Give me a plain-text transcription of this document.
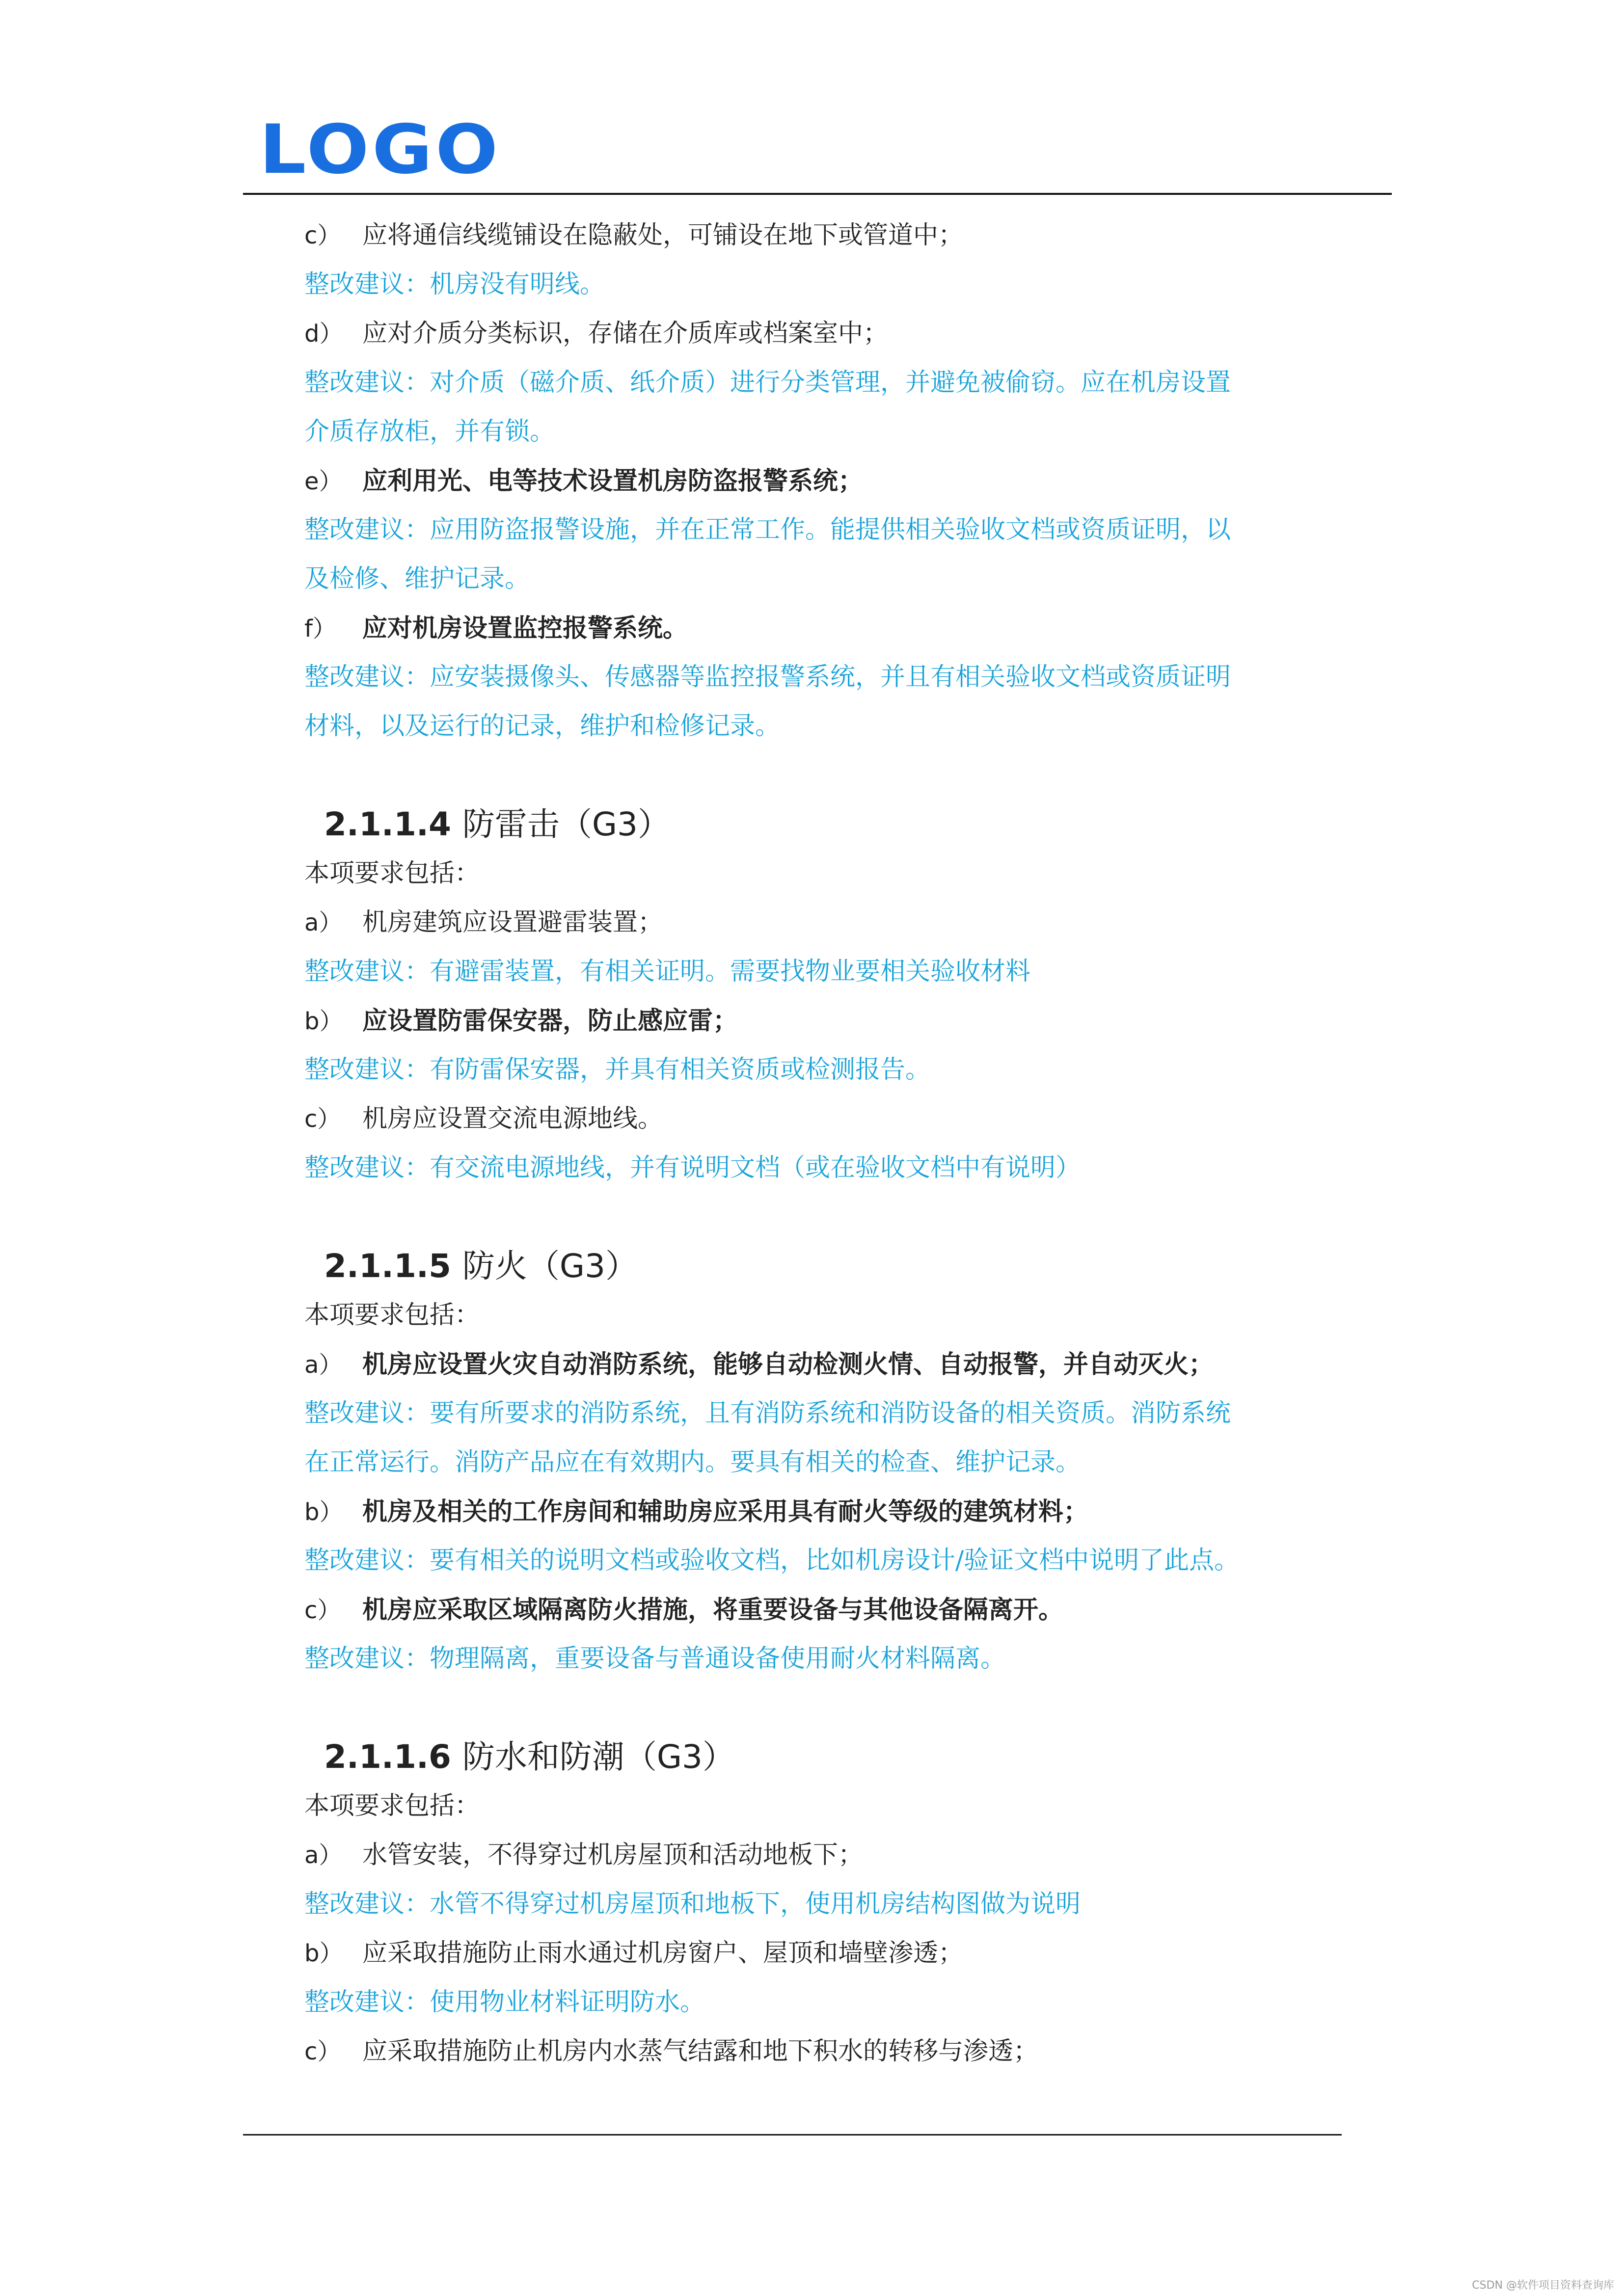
LOGO
c） 应将通信线缆铺设在隐蔽处，可铺设在地下或管道中；
整改建议：机房没有明线。
d） 应对介质分类标识，存储在介质库或档案室中；
整改建议：对介质（磁介质、纸介质）进行分类管理，并避免被偷窃。应在机房设置
介质存放柜，并有锁。
e） 应利用光、电等技术设置机房防盗报警系统；
整改建议：应用防盗报警设施，并在正常工作。能提供相关验收文档或资质证明，以
及检修、维护记录。
f） 应对机房设置监控报警系统。
整改建议：应安装摄像头、传感器等监控报警系统，并且有相关验收文档或资质证明
材料，以及运行的记录，维护和检修记录。
2.1.1.4 防雷击（G3）
本项要求包括：
a） 机房建筑应设置避雷装置；
整改建议：有避雷装置，有相关证明。需要找物业要相关验收材料
b） 应设置防雷保安器，防止感应雷；
整改建议：有防雷保安器，并具有相关资质或检测报告。
c） 机房应设置交流电源地线。
整改建议：有交流电源地线，并有说明文档（或在验收文档中有说明）
2.1.1.5 防火（G3）
本项要求包括：
a） 机房应设置火灾自动消防系统，能够自动检测火情、自动报警，并自动灭火；
整改建议：要有所要求的消防系统，且有消防系统和消防设备的相关资质。消防系统
在正常运行。消防产品应在有效期内。要具有相关的检查、维护记录。
b） 机房及相关的工作房间和辅助房应采用具有耐火等级的建筑材料；
整改建议：要有相关的说明文档或验收文档，比如机房设计/验证文档中说明了此点。
c） 机房应采取区域隔离防火措施，将重要设备与其他设备隔离开。
整改建议：物理隔离，重要设备与普通设备使用耐火材料隔离。
2.1.1.6 防水和防潮（G3）
本项要求包括：
a） 水管安装，不得穿过机房屋顶和活动地板下；
整改建议：水管不得穿过机房屋顶和地板下，使用机房结构图做为说明
b） 应采取措施防止雨水通过机房窗户、屋顶和墙壁渗透；
整改建议：使用物业材料证明防水。
c） 应采取措施防止机房内水蒸气结露和地下积水的转移与渗透；
CSDN @软件项目资料查询库
